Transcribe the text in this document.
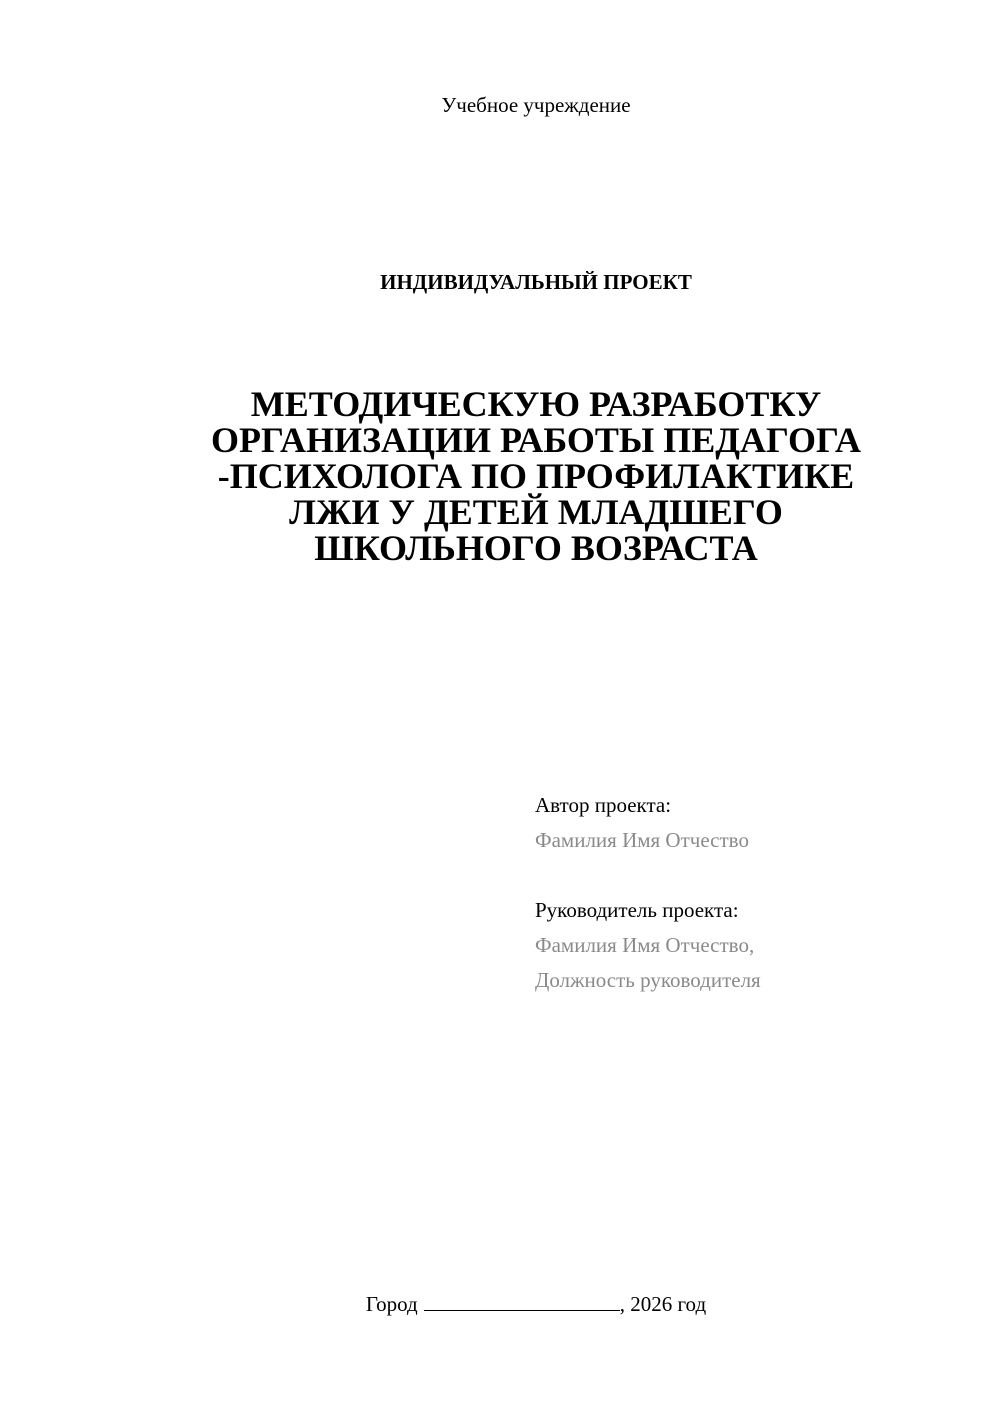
Учебное учреждение
ИНДИВИДУАЛЬНЫЙ ПРОЕКТ
МЕТОДИЧЕСКУЮ РАЗРАБОТКУ
ОРГАНИЗАЦИИ РАБОТЫ ПЕДАГОГА
-ПСИХОЛОГА ПО ПРОФИЛАКТИКЕ
ЛЖИ У ДЕТЕЙ МЛАДШЕГО
ШКОЛЬНОГО ВОЗРАСТА
Автор проекта:
Фамилия Имя Отчество
Руководитель проекта:
Фамилия Имя Отчество,
Должность руководителя
Город	, 2026 год
